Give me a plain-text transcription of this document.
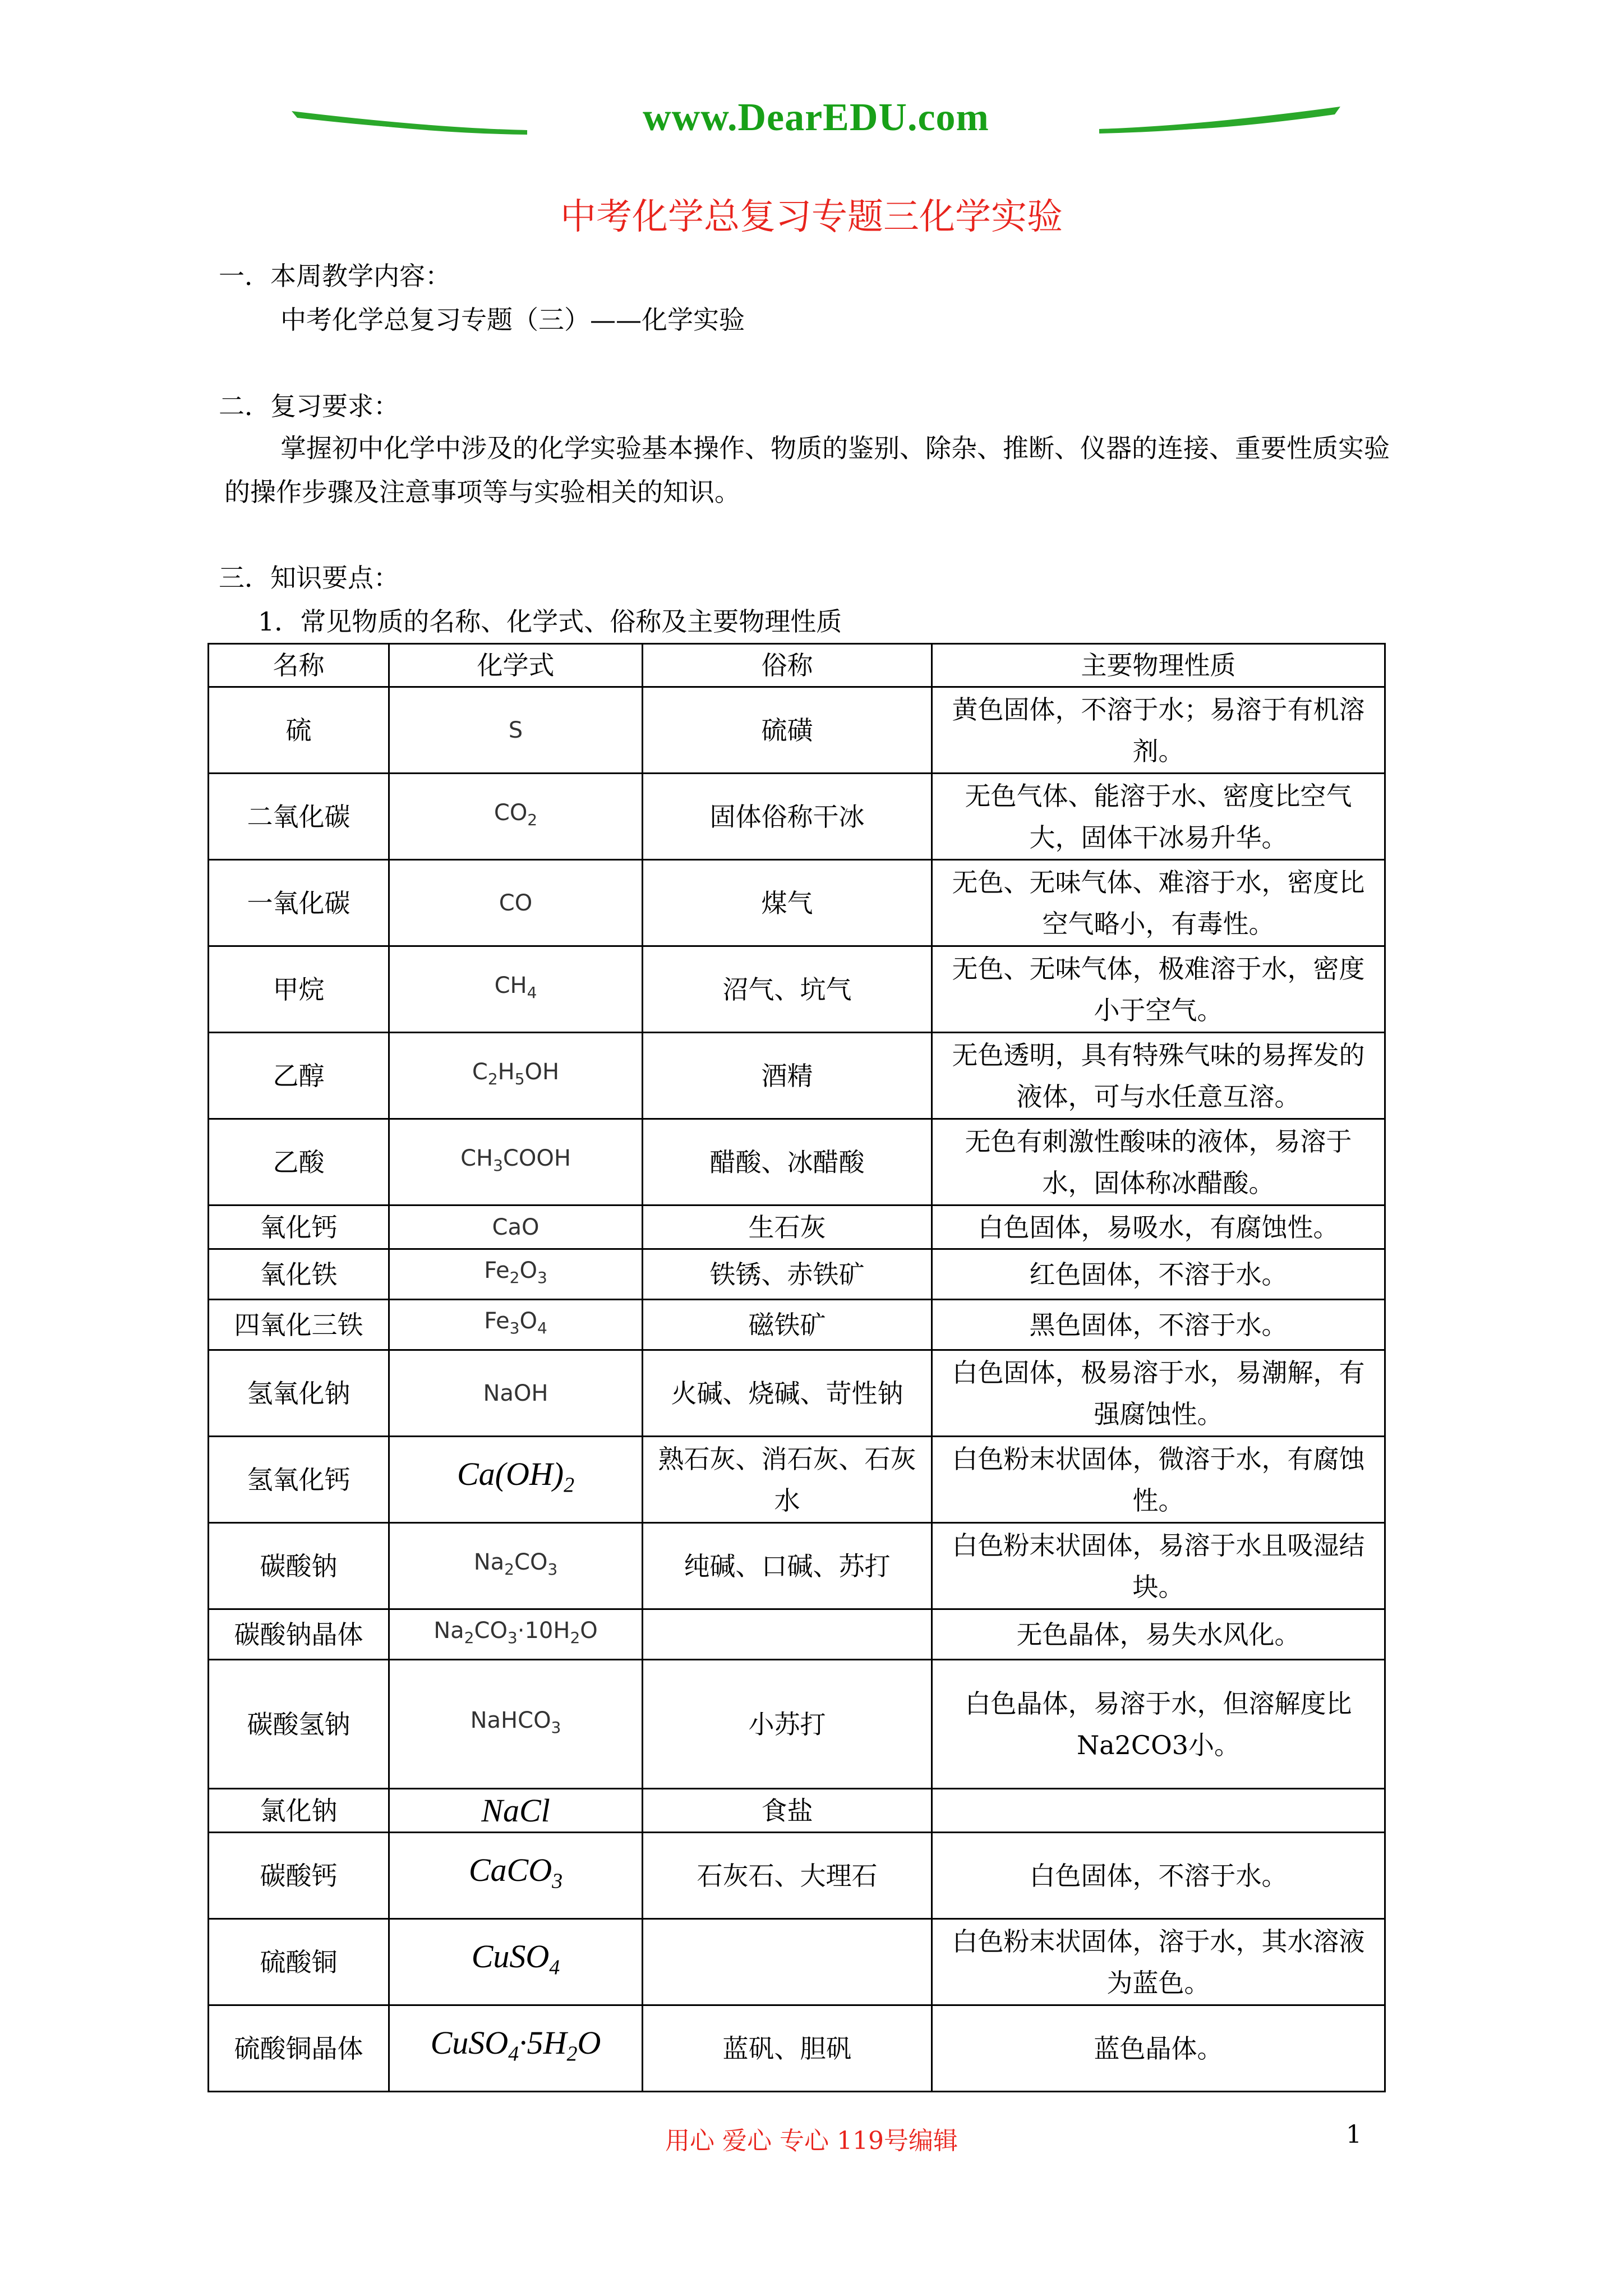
www.DearEDU.com
中考化学总复习专题三化学实验
一．本周教学内容：
中考化学总复习专题（三）——化学实验
二．复习要求：
掌握初中化学中涉及的化学实验基本操作、物质的鉴别、除杂、推断、仪器的连接、重要性质实验的操作步骤及注意事项等与实验相关的知识。
三．知识要点：
1．常见物质的名称、化学式、俗称及主要物理性质
名称	化学式	俗称	主要物理性质
硫	S	硫磺	黄色固体，不溶于水；易溶于有机溶剂。
二氧化碳	$CO_2$	固体俗称干冰	无色气体、能溶于水、密度比空气大，固体干冰易升华。
一氧化碳	CO	煤气	无色、无味气体、难溶于水，密度比空气略小，有毒性。
甲烷	$CH_4$	沼气、坑气	无色、无味气体，极难溶于水，密度小于空气。
乙醇	$C_2H_5OH$	酒精	无色透明，具有特殊气味的易挥发的液体，可与水任意互溶。
乙酸	$CH_3COOH$	醋酸、冰醋酸	无色有刺激性酸味的液体，易溶于水，固体称冰醋酸。
氧化钙	CaO	生石灰	白色固体，易吸水，有腐蚀性。
氧化铁	$Fe_2O_3$	铁锈、赤铁矿	红色固体，不溶于水。
四氧化三铁	$Fe_3O_4$	磁铁矿	黑色固体，不溶于水。
氢氧化钠	NaOH	火碱、烧碱、苛性钠	白色固体，极易溶于水，易潮解，有强腐蚀性。
氢氧化钙	$Ca(OH)_2$	熟石灰、消石灰、石灰水	白色粉末状固体，微溶于水，有腐蚀性。
碳酸钠	$Na_2CO_3$	纯碱、口碱、苏打	白色粉末状固体，易溶于水且吸湿结块。
碳酸钠晶体	$Na_2CO_3\cdot 10H_2O$		无色晶体，易失水风化。
碳酸氢钠	NaHCO$_3$	小苏打	白色晶体，易溶于水，但溶解度比Na2CO3小。
氯化钠	NaCl	食盐	
碳酸钙	CaCO$_3$	石灰石、大理石	白色固体，不溶于水。
硫酸铜	CuSO$_4$		白色粉末状固体，溶于水，其水溶液为蓝色。
硫酸铜晶体	$CuSO_4\cdot 5H_2O$	蓝矾、胆矾	蓝色晶体。
用心 爱心 专心 119号编辑	1
